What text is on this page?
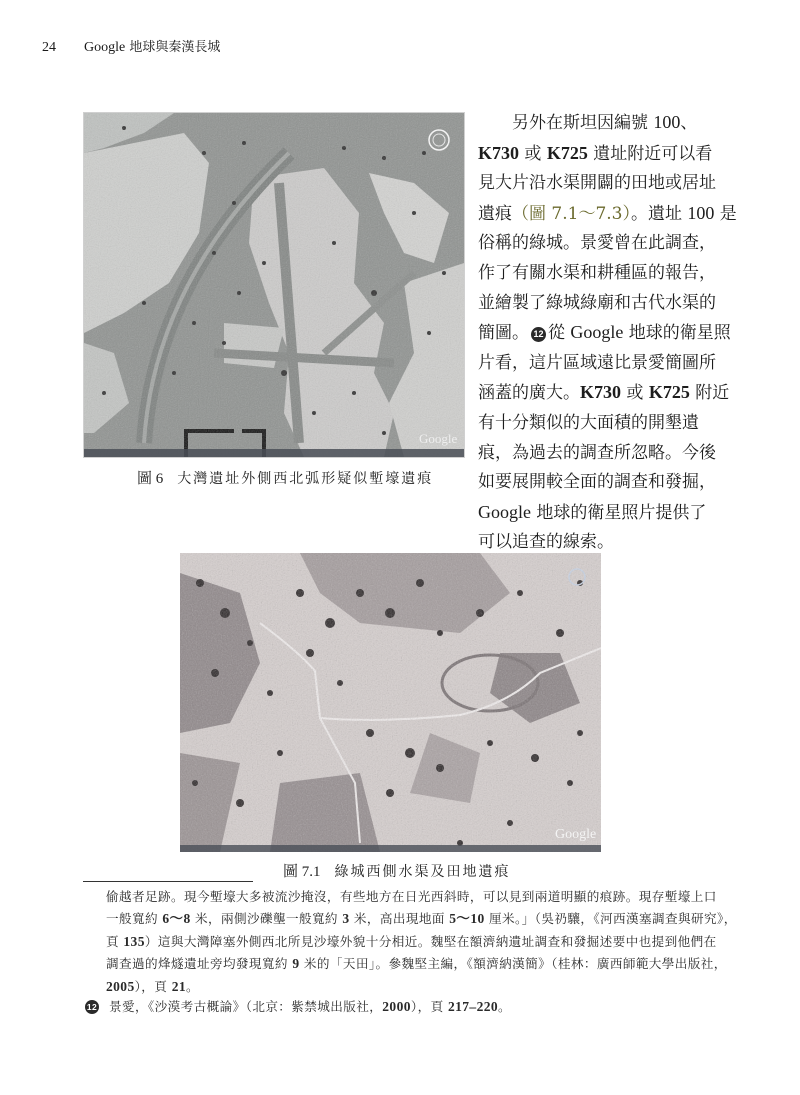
24	Google 地球與秦漢長城
Google
圖 6 大灣遺址外側西北弧形疑似塹壕遺痕
Google
圖 7.1 綠城西側水渠及田地遺痕

　　另外在斯坦因編號 100、
K730 或 K725 遺址附近可以看
見大片沿水渠開闢的田地或居址
遺痕（圖 7.1～7.3）。遺址 100 是
俗稱的綠城。景愛曾在此調查，
作了有關水渠和耕種區的報告，
並繪製了綠城綠廟和古代水渠的
簡圖。 12 從 Google 地球的衛星照
片看，這片區域遠比景愛簡圖所
涵蓋的廣大。K730 或 K725 附近
有十分類似的大面積的開墾遺
痕，為過去的調查所忽略。今後
如要展開較全面的調查和發掘，
Google 地球的衛星照片提供了
可以追查的線索。

偷越者足跡。現今塹壕大多被流沙掩沒，有些地方在日光西斜時，可以見到兩道明顯的痕跡。現存塹壕上口
一般寬約 6～8 米，兩側沙礫壟一般寬約 3 米，高出現地面 5～10 厘米。」（吳礽驤，《河西漢塞調查與研究》，
頁 135）這與大灣障塞外側西北所見沙壕外貌十分相近。魏堅在額濟納遺址調查和發掘述要中也提到他們在
調查過的烽燧遺址旁均發現寬約 9 米的「天田」。參魏堅主編，《額濟納漢簡》（桂林：廣西師範大學出版社，
2005），頁 21。
12 景愛，《沙漠考古概論》（北京：紫禁城出版社，2000），頁 217–220。
